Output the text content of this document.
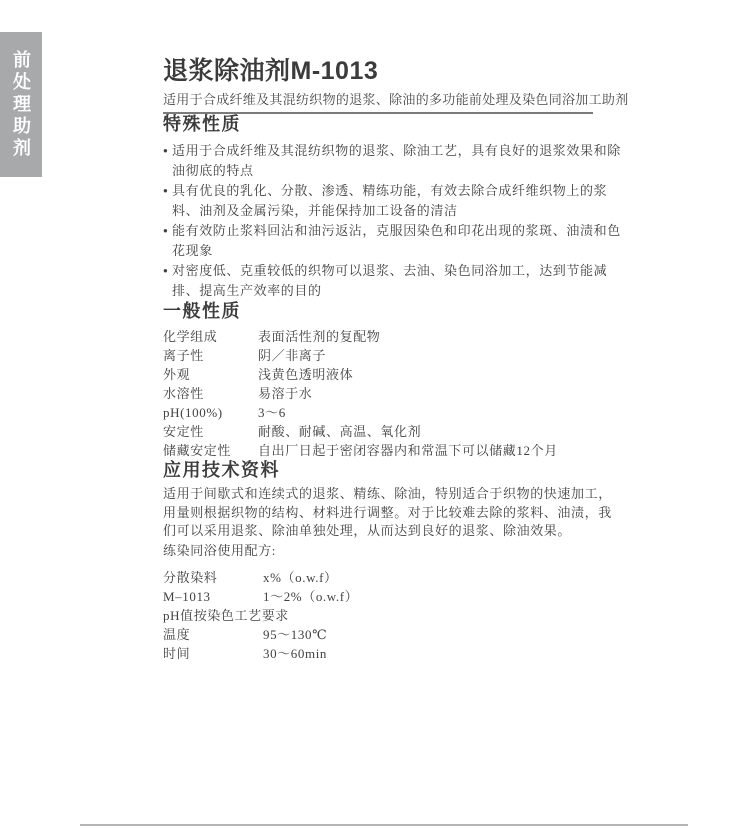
前处理助剂	退浆除油剂M-1013
适用于合成纤维及其混纺织物的退浆、除油的多功能前处理及染色同浴加工助剂
特殊性质
● 适用于合成纤维及其混纺织物的退浆、除油工艺，具有良好的退浆效果和除油彻底的特点
● 具有优良的乳化、分散、渗透、精练功能，有效去除合成纤维织物上的浆料、油剂及金属污染，并能保持加工设备的清洁
● 能有效防止浆料回沾和油污返沾，克服因染色和印花出现的浆斑、油渍和色花现象
● 对密度低、克重较低的织物可以退浆、去油、染色同浴加工，达到节能减排、提高生产效率的目的
一般性质
化学组成	表面活性剂的复配物
离子性	阴／非离子
外观	浅黄色透明液体
水溶性	易溶于水
pH(100%)	3～6
安定性	耐酸、耐碱、高温、氧化剂
储藏安定性	自出厂日起于密闭容器内和常温下可以储藏12个月
应用技术资料
适用于间歇式和连续式的退浆、精练、除油，特别适合于织物的快速加工，用量则根据织物的结构、材料进行调整。对于比较难去除的浆料、油渍，我们可以采用退浆、除油单独处理，从而达到良好的退浆、除油效果。
练染同浴使用配方:
分散染料	x%（o.w.f）
M–1013	1～2%（o.w.f）
pH值按染色工艺要求
温度	95～130℃
时间	30～60min
